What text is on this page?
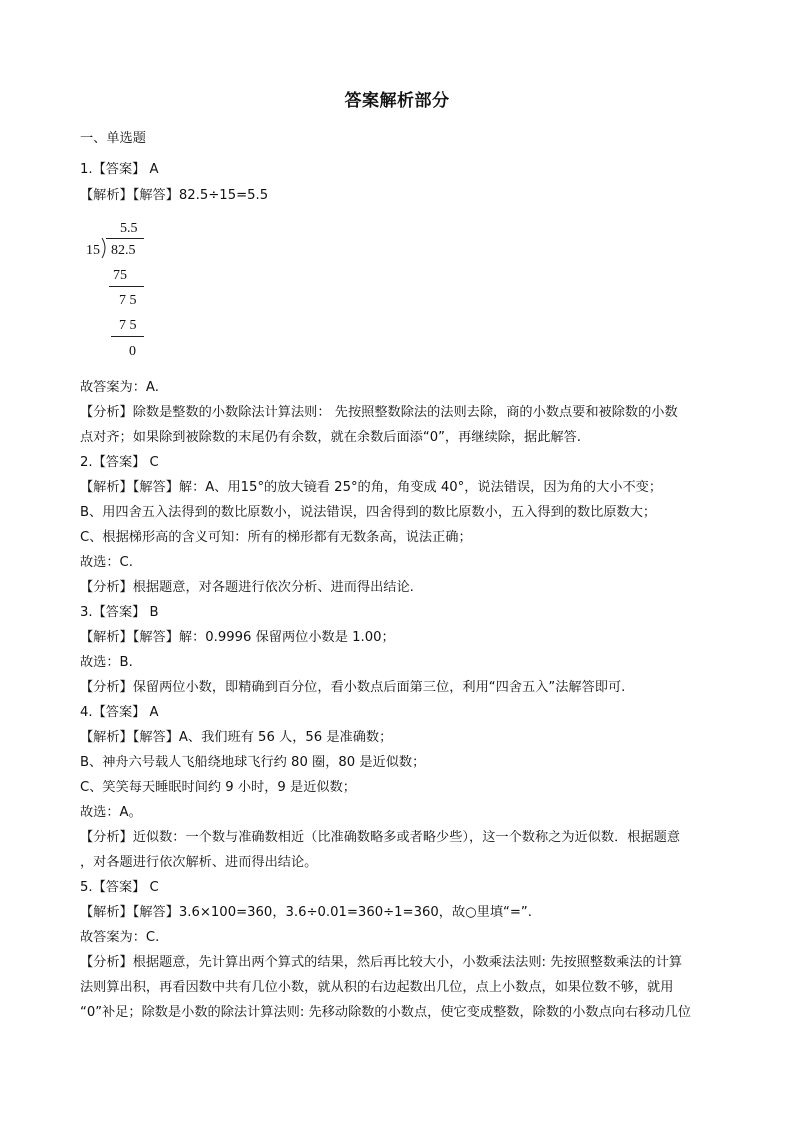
答案解析部分
一、单选题
1.【答案】 A
【解析】【解答】82.5÷15=5.5
5.5
15 82.5
75
7 5
7 5
0
故答案为：A.
【分析】除数是整数的小数除法计算法则： 先按照整数除法的法则去除，商的小数点要和被除数的小数
点对齐；如果除到被除数的末尾仍有余数，就在余数后面添“0”，再继续除，据此解答.
2.【答案】 C
【解析】【解答】解：A、用15°的放大镜看 25°的角，角变成 40°，说法错误，因为角的大小不变；
B、用四舍五入法得到的数比原数小，说法错误，四舍得到的数比原数小，五入得到的数比原数大；
C、根据梯形高的含义可知：所有的梯形都有无数条高，说法正确；
故选：C.
【分析】根据题意，对各题进行依次分析、进而得出结论.
3.【答案】 B
【解析】【解答】解：0.9996 保留两位小数是 1.00；
故选：B.
【分析】保留两位小数，即精确到百分位，看小数点后面第三位，利用“四舍五入”法解答即可.
4.【答案】 A
【解析】【解答】A、我们班有 56 人，56 是准确数；
B、神舟六号载人飞船绕地球飞行约 80 圈，80 是近似数；
C、笑笑每天睡眠时间约 9 小时，9 是近似数；
故选：A。
【分析】近似数：一个数与准确数相近（比准确数略多或者略少些），这一个数称之为近似数．根据题意
，对各题进行依次解析、进而得出结论。
5.【答案】 C
【解析】【解答】3.6×100=360，3.6÷0.01=360÷1=360，故○里填“=”.
故答案为：C.
【分析】根据题意，先计算出两个算式的结果，然后再比较大小，小数乘法法则: 先按照整数乘法的计算
法则算出积，再看因数中共有几位小数，就从积的右边起数出几位，点上小数点，如果位数不够，就用
“0”补足；除数是小数的除法计算法则: 先移动除数的小数点，使它变成整数，除数的小数点向右移动几位
